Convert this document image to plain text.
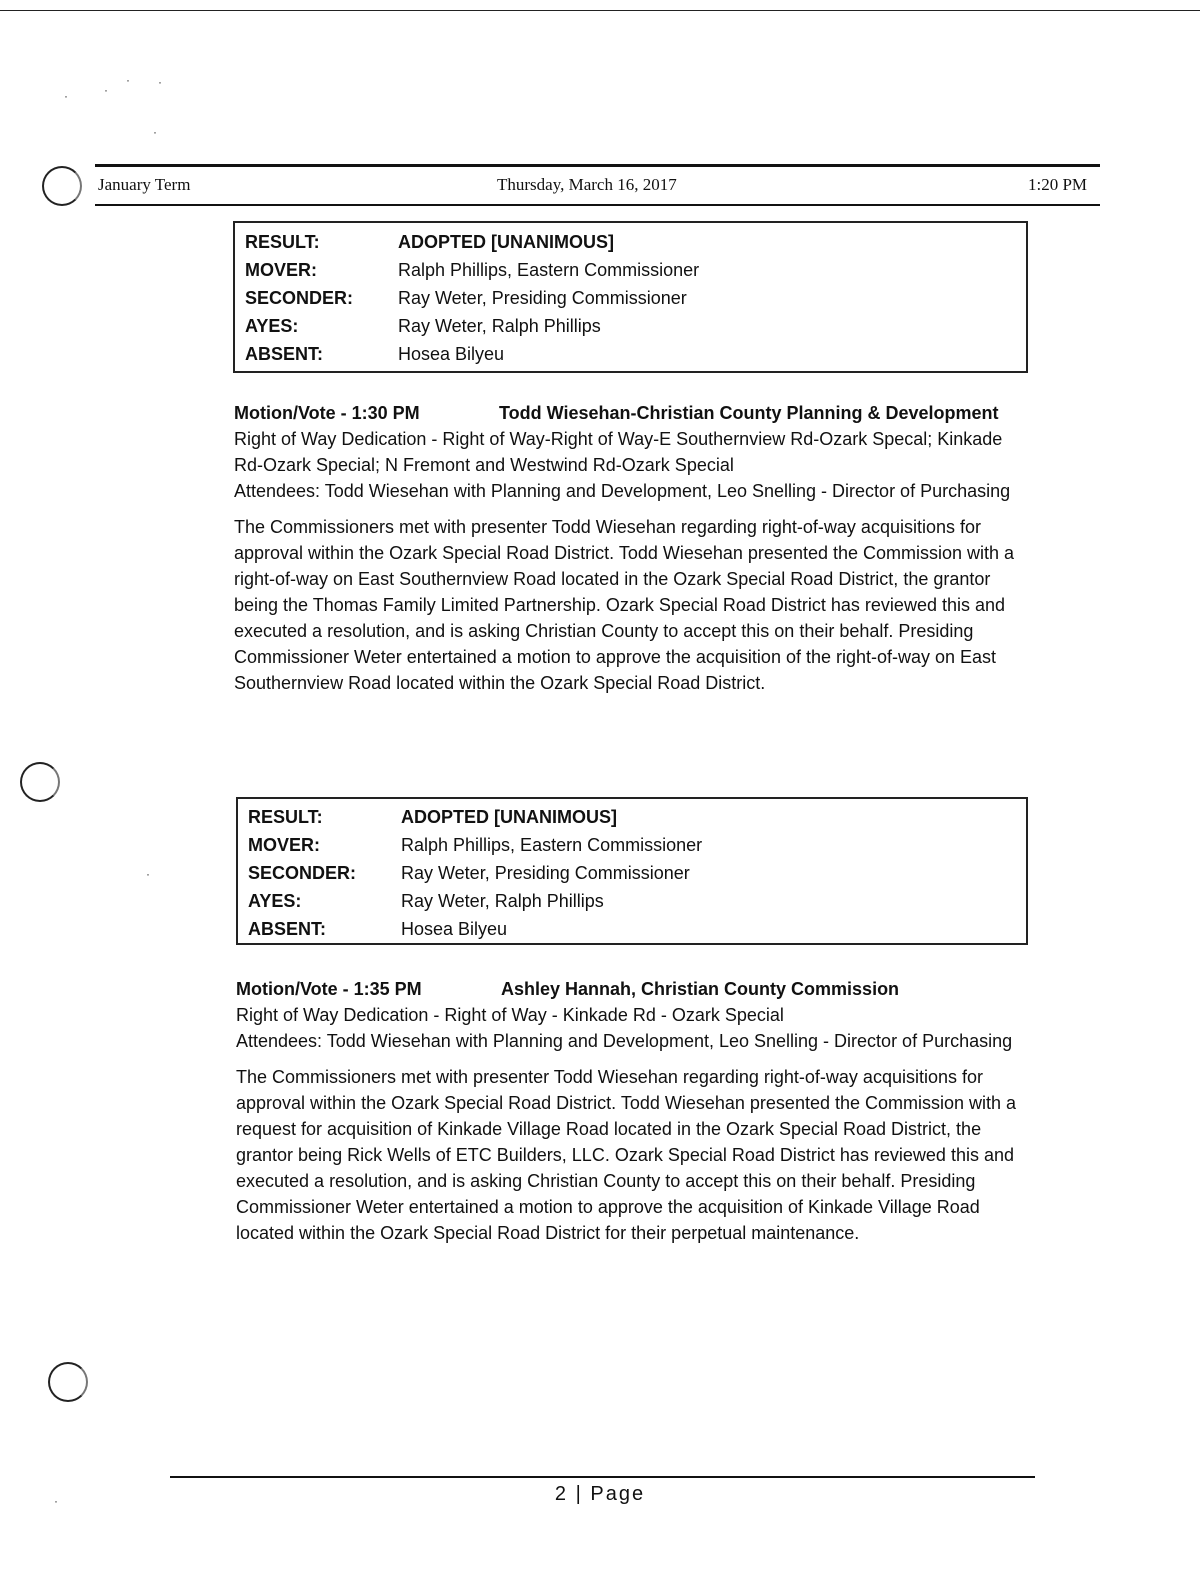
·	·
· ·
·
·
·
January Term	Thursday, March 16, 2017	1:20 PM
RESULT:	ADOPTED [UNANIMOUS]
MOVER:	Ralph Phillips, Eastern Commissioner
SECONDER: Ray Weter, Presiding Commissioner
AYES:	Ray Weter, Ralph Phillips
ABSENT:	Hosea Bilyeu

Motion/Vote - 1:30 PM	Todd Wiesehan-Christian County Planning & Development

Right of Way Dedication - Right of Way-Right of Way-E Southernview Rd-Ozark Specal; Kinkade Rd-Ozark Special; N Fremont and Westwind Rd-Ozark Special

Attendees: Todd Wiesehan with Planning and Development, Leo Snelling - Director of Purchasing

The Commissioners met with presenter Todd Wiesehan regarding right-of-way acquisitions for approval within the Ozark Special Road District. Todd Wiesehan presented the Commission with a right-of-way on East Southernview Road located in the Ozark Special Road District, the grantor being the Thomas Family Limited Partnership. Ozark Special Road District has reviewed this and executed a resolution, and is asking Christian County to accept this on their behalf. Presiding Commissioner Weter entertained a motion to approve the acquisition of the right-of-way on East Southernview Road located within the Ozark Special Road District.

RESULT:	ADOPTED [UNANIMOUS]
MOVER:	Ralph Phillips, Eastern Commissioner
SECONDER: Ray Weter, Presiding Commissioner
AYES:	Ray Weter, Ralph Phillips
ABSENT:	Hosea Bilyeu

Motion/Vote - 1:35 PM	Ashley Hannah, Christian County Commission

Right of Way Dedication - Right of Way - Kinkade Rd - Ozark Special

Attendees: Todd Wiesehan with Planning and Development, Leo Snelling - Director of Purchasing

The Commissioners met with presenter Todd Wiesehan regarding right-of-way acquisitions for approval within the Ozark Special Road District. Todd Wiesehan presented the Commission with a request for acquisition of Kinkade Village Road located in the Ozark Special Road District, the grantor being Rick Wells of ETC Builders, LLC. Ozark Special Road District has reviewed this and executed a resolution, and is asking Christian County to accept this on their behalf. Presiding Commissioner Weter entertained a motion to approve the acquisition of Kinkade Village Road located within the Ozark Special Road District for their perpetual maintenance.

2 | Page
